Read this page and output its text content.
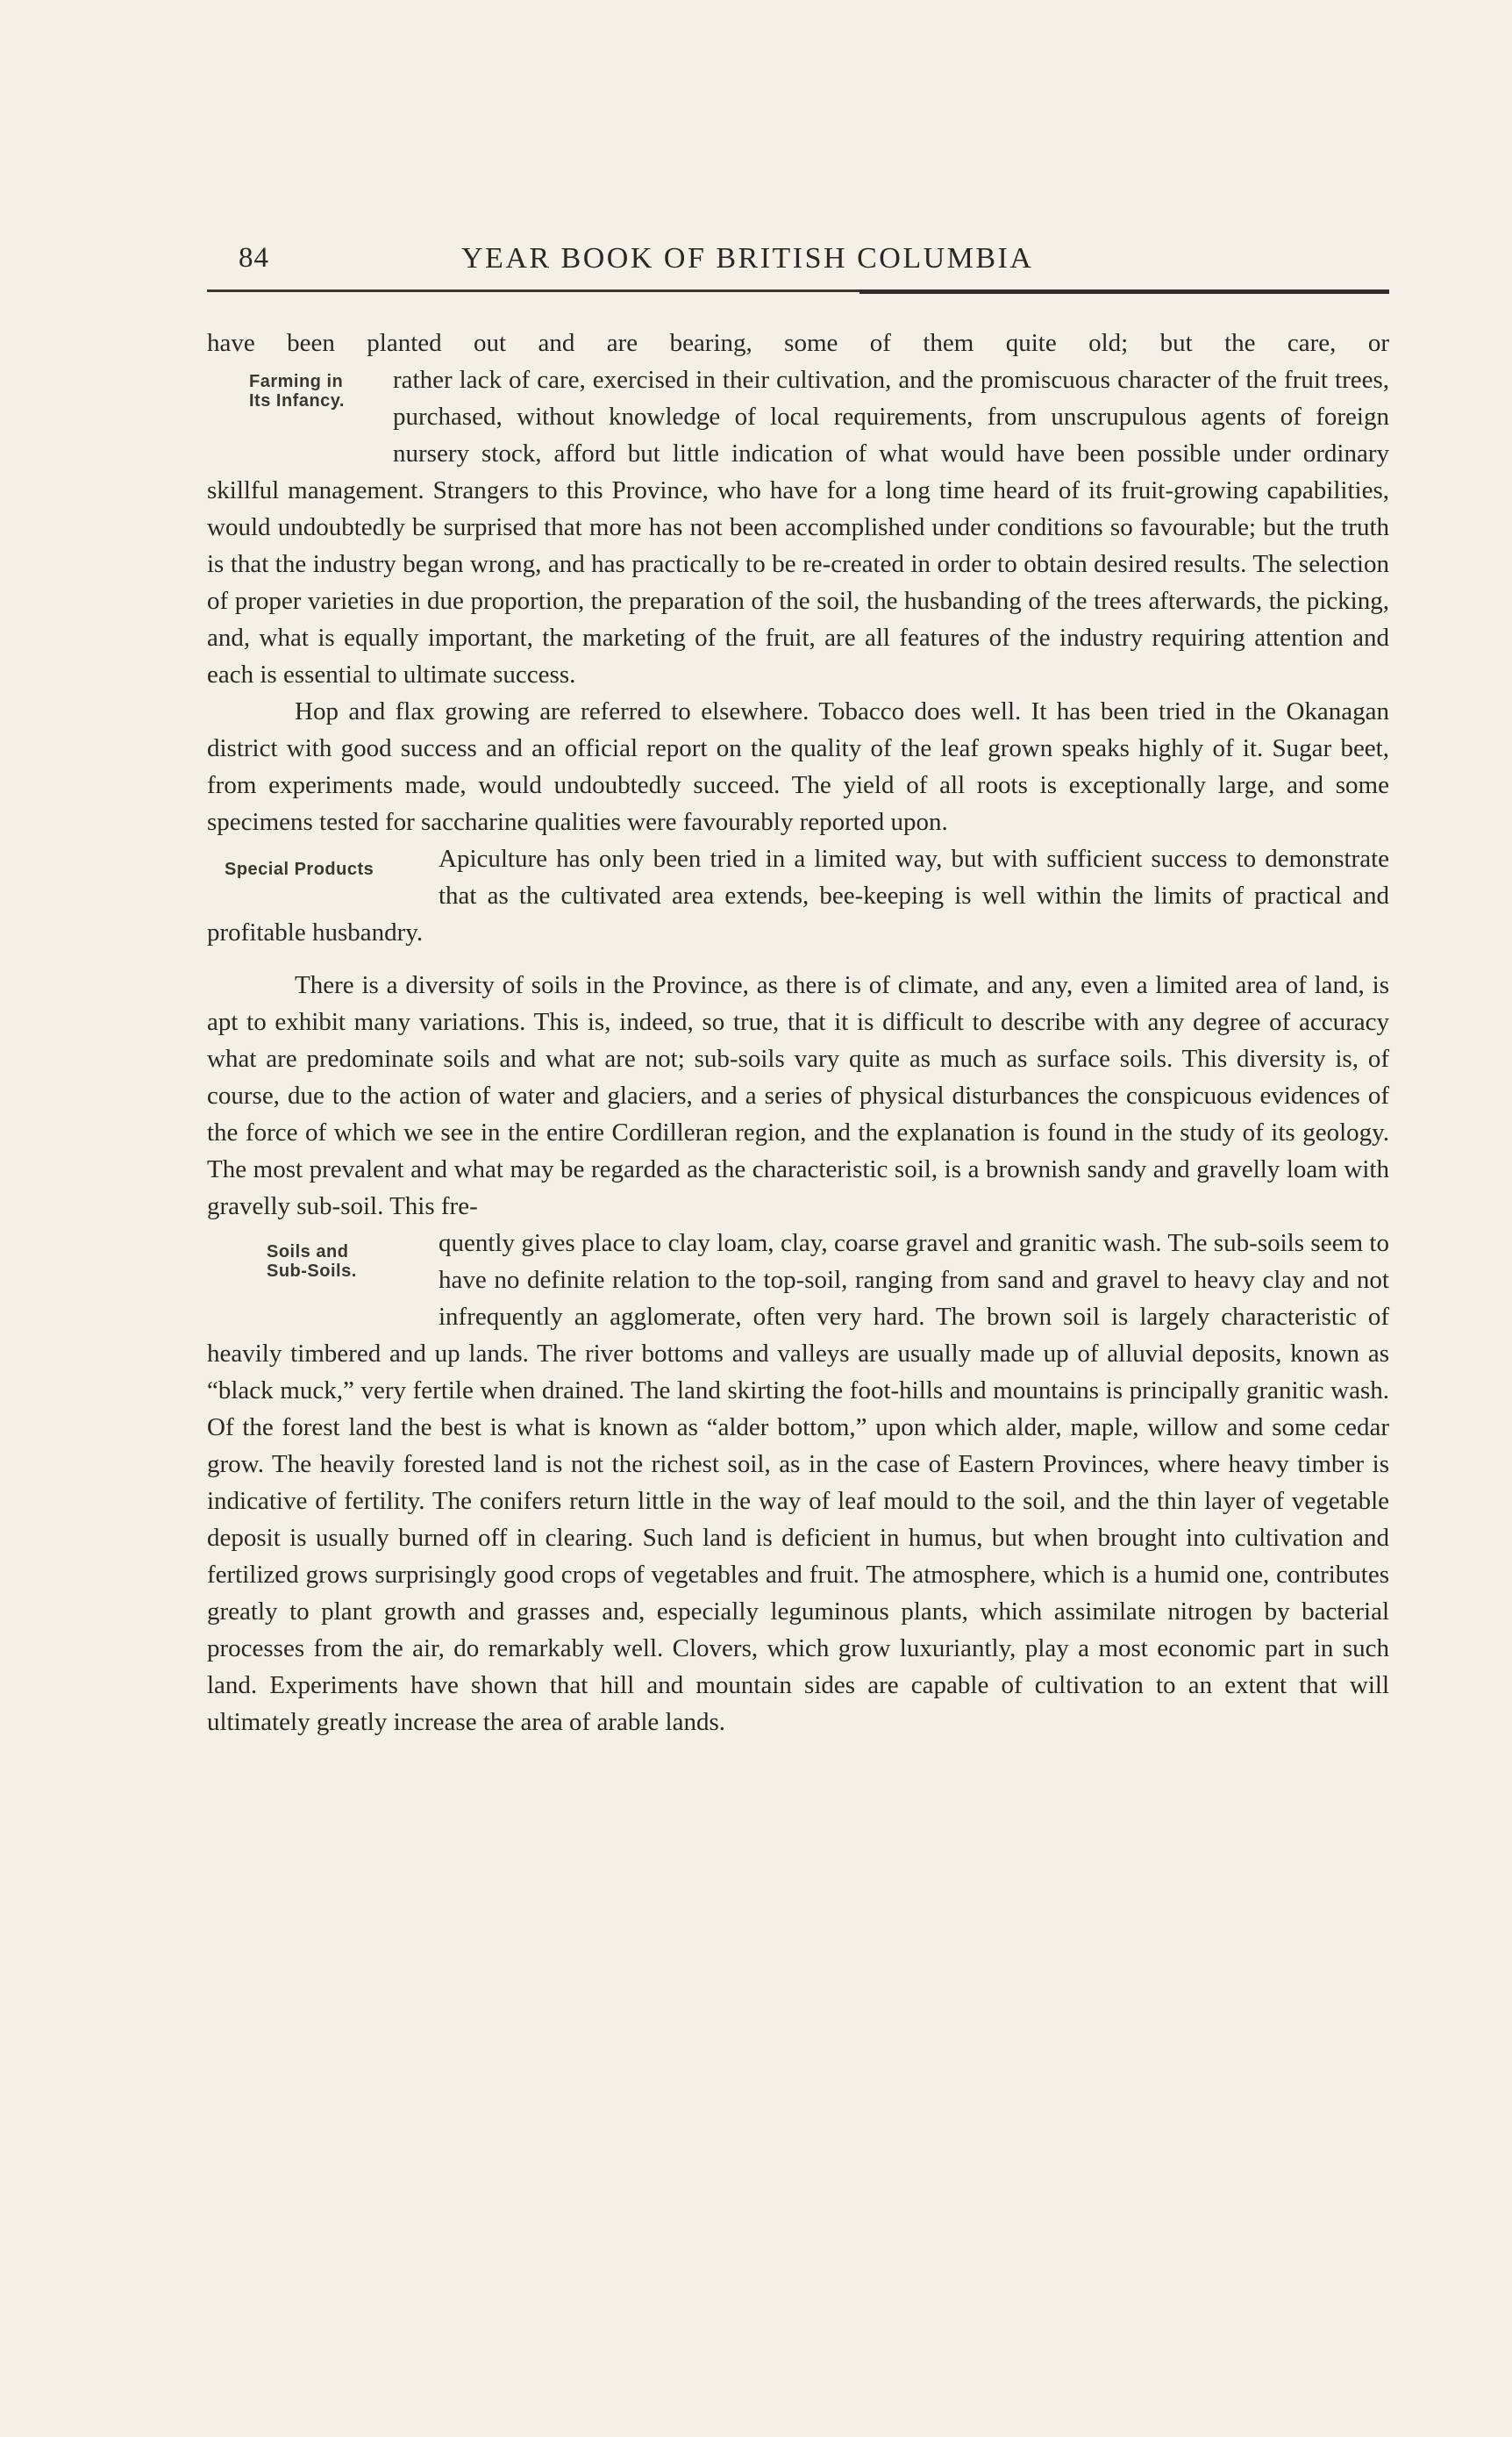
84	YEAR BOOK OF BRITISH COLUMBIA

have been planted out and are bearing, some of them quite old; but the care, or

Farming in
Its Infancy.

rather lack of care, exercised in their cultivation, and the promiscuous character of the fruit trees, purchased, without knowledge of local requirements, from unscrupulous agents of foreign nursery stock, afford but little indication of what would have been possible under ordinary skillful management. Strangers to this Province, who have for a long time heard of its fruit-growing capabilities, would undoubtedly be surprised that more has not been accomplished under conditions so favourable; but the truth is that the industry began wrong, and has practically to be re-created in order to obtain desired results. The selection of proper varieties in due proportion, the preparation of the soil, the husbanding of the trees afterwards, the picking, and, what is equally important, the marketing of the fruit, are all features of the industry requiring attention and each is essential to ultimate success.

Hop and flax growing are referred to elsewhere. Tobacco does well. It has been tried in the Okanagan district with good success and an official report on the quality of the leaf grown speaks highly of it. Sugar beet, from experiments made, would undoubtedly succeed. The yield of all roots is exceptionally large, and some specimens tested for saccharine qualities were favourably reported upon.

Special Products	Apiculture has only been tried in a limited way, but with sufficient success to demonstrate that as the cultivated area extends, bee-keeping is well within the limits of practical and profitable husbandry.

There is a diversity of soils in the Province, as there is of climate, and any, even a limited area of land, is apt to exhibit many variations. This is, indeed, so true, that it is difficult to describe with any degree of accuracy what are predominate soils and what are not; sub-soils vary quite as much as surface soils. This diversity is, of course, due to the action of water and glaciers, and a series of physical disturbances the conspicuous evidences of the force of which we see in the entire Cordilleran region, and the explanation is found in the study of its geology. The most prevalent and what may be regarded as the characteristic soil, is a brownish sandy and gravelly loam with gravelly sub-soil. This fre-

Soils and
Sub-Soils.

quently gives place to clay loam, clay, coarse gravel and granitic wash. The sub-soils seem to have no definite relation to the top-soil, ranging from sand and gravel to heavy clay and not infrequently an agglomerate, often very hard. The brown soil is largely characteristic of heavily timbered and up lands. The river bottoms and valleys are usually made up of alluvial deposits, known as “black muck,” very fertile when drained. The land skirting the foot-hills and mountains is principally granitic wash. Of the forest land the best is what is known as “alder bottom,” upon which alder, maple, willow and some cedar grow. The heavily forested land is not the richest soil, as in the case of Eastern Provinces, where heavy timber is indicative of fertility. The conifers return little in the way of leaf mould to the soil, and the thin layer of vegetable deposit is usually burned off in clearing. Such land is deficient in humus, but when brought into cultivation and fertilized grows surprisingly good crops of vegetables and fruit. The atmosphere, which is a humid one, contributes greatly to plant growth and grasses and, especially leguminous plants, which assimilate nitrogen by bacterial processes from the air, do remarkably well. Clovers, which grow luxuriantly, play a most economic part in such land. Experiments have shown that hill and mountain sides are capable of cultivation to an extent that will ultimately greatly increase the area of arable lands.
